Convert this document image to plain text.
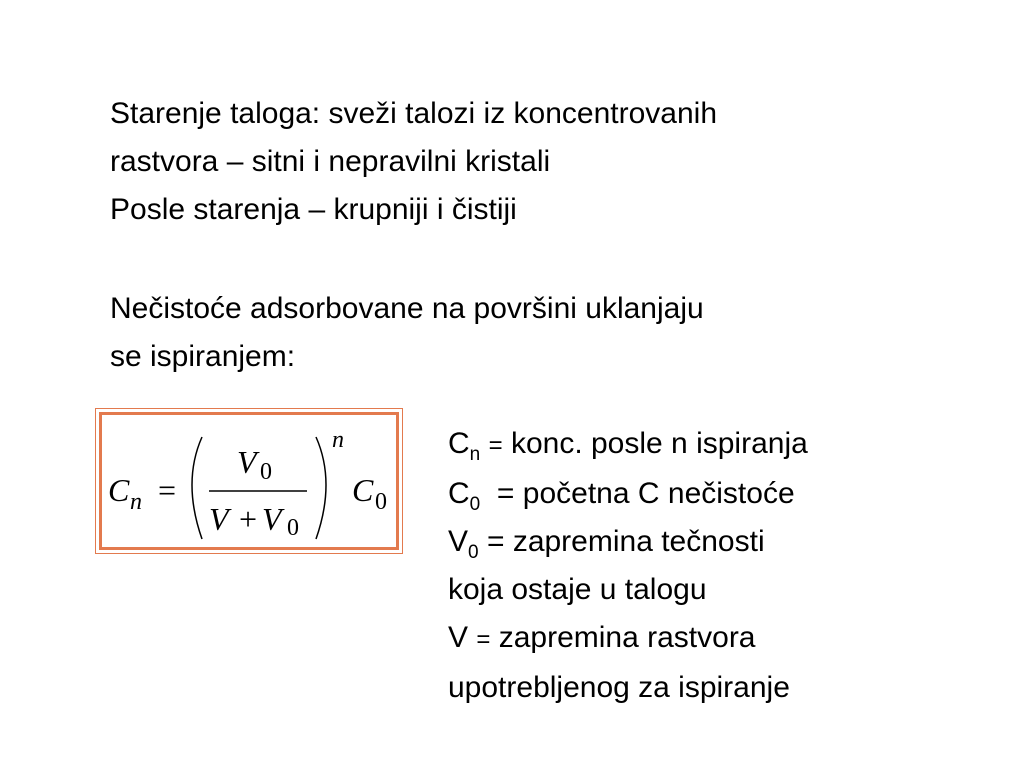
Starenje taloga: sveži talozi iz koncentrovanih
rastvora – sitni i nepravilni kristali
Posle starenja – krupniji i čistiji
Nečistoće adsorbovane na površini uklanjaju
se ispiranjem:
C n =
V 0
V + V 0
n
C 0
$C_n$ = konc. posle n ispiranja
$C_0$ = početna C nečistoće
$V_0$ = zapremina tečnosti
koja ostaje u talogu
V = zapremina rastvora
upotrebljenog za ispiranje
